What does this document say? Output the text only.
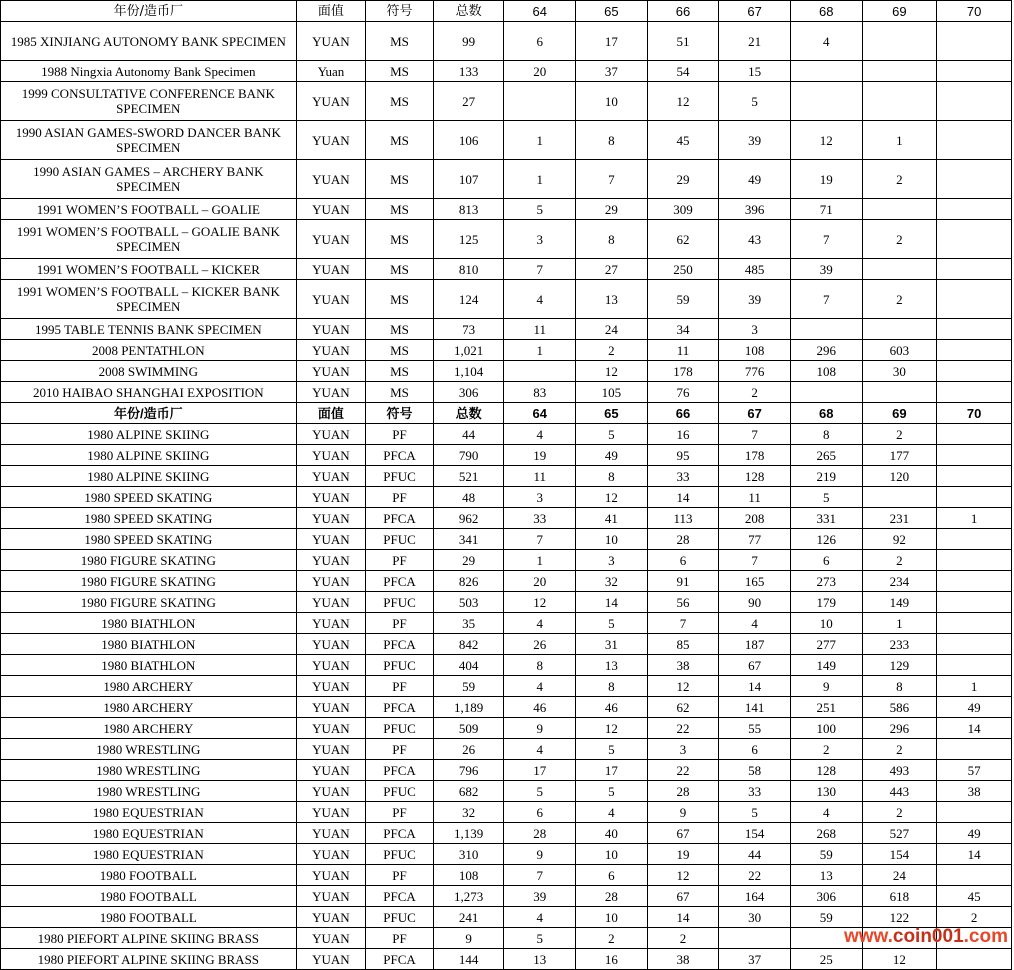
年份/造币厂	面值	符号	总数	64	65	66	67	68	69	70
1985 XINJIANG AUTONOMY BANK SPECIMEN	YUAN	MS	99	6	17	51	21	4		
1988 Ningxia Autonomy Bank Specimen	Yuan	MS	133	20	37	54	15			
1999 CONSULTATIVE CONFERENCE BANK SPECIMEN	YUAN	MS	27		10	12	5			
1990 ASIAN GAMES-SWORD DANCER BANK SPECIMEN	YUAN	MS	106	1	8	45	39	12	1	
1990 ASIAN GAMES – ARCHERY BANK SPECIMEN	YUAN	MS	107	1	7	29	49	19	2	
1991 WOMEN’S FOOTBALL – GOALIE	YUAN	MS	813	5	29	309	396	71		
1991 WOMEN’S FOOTBALL – GOALIE BANK SPECIMEN	YUAN	MS	125	3	8	62	43	7	2	
1991 WOMEN’S FOOTBALL – KICKER	YUAN	MS	810	7	27	250	485	39		
1991 WOMEN’S FOOTBALL – KICKER BANK SPECIMEN	YUAN	MS	124	4	13	59	39	7	2	
1995 TABLE TENNIS BANK SPECIMEN	YUAN	MS	73	11	24	34	3			
2008 PENTATHLON	YUAN	MS	1,021	1	2	11	108	296	603	
2008 SWIMMING	YUAN	MS	1,104		12	178	776	108	30	
2010 HAIBAO SHANGHAI EXPOSITION	YUAN	MS	306	83	105	76	2			
年份/造币厂	面值	符号	总数	64	65	66	67	68	69	70
1980 ALPINE SKIING	YUAN	PF	44	4	5	16	7	8	2	
1980 ALPINE SKIING	YUAN	PFCA	790	19	49	95	178	265	177	
1980 ALPINE SKIING	YUAN	PFUC	521	11	8	33	128	219	120	
1980 SPEED SKATING	YUAN	PF	48	3	12	14	11	5		
1980 SPEED SKATING	YUAN	PFCA	962	33	41	113	208	331	231	1
1980 SPEED SKATING	YUAN	PFUC	341	7	10	28	77	126	92	
1980 FIGURE SKATING	YUAN	PF	29	1	3	6	7	6	2	
1980 FIGURE SKATING	YUAN	PFCA	826	20	32	91	165	273	234	
1980 FIGURE SKATING	YUAN	PFUC	503	12	14	56	90	179	149	
1980 BIATHLON	YUAN	PF	35	4	5	7	4	10	1	
1980 BIATHLON	YUAN	PFCA	842	26	31	85	187	277	233	
1980 BIATHLON	YUAN	PFUC	404	8	13	38	67	149	129	
1980 ARCHERY	YUAN	PF	59	4	8	12	14	9	8	1
1980 ARCHERY	YUAN	PFCA	1,189	46	46	62	141	251	586	49
1980 ARCHERY	YUAN	PFUC	509	9	12	22	55	100	296	14
1980 WRESTLING	YUAN	PF	26	4	5	3	6	2	2	
1980 WRESTLING	YUAN	PFCA	796	17	17	22	58	128	493	57
1980 WRESTLING	YUAN	PFUC	682	5	5	28	33	130	443	38
1980 EQUESTRIAN	YUAN	PF	32	6	4	9	5	4	2	
1980 EQUESTRIAN	YUAN	PFCA	1,139	28	40	67	154	268	527	49
1980 EQUESTRIAN	YUAN	PFUC	310	9	10	19	44	59	154	14
1980 FOOTBALL	YUAN	PF	108	7	6	12	22	13	24	
1980 FOOTBALL	YUAN	PFCA	1,273	39	28	67	164	306	618	45
1980 FOOTBALL	YUAN	PFUC	241	4	10	14	30	59	122	2
1980 PIEFORT ALPINE SKIING BRASS	YUAN	PF	9	5	2	2				
1980 PIEFORT ALPINE SKIING BRASS	YUAN	PFCA	144	13	16	38	37	25	12	
www.coin001.com
